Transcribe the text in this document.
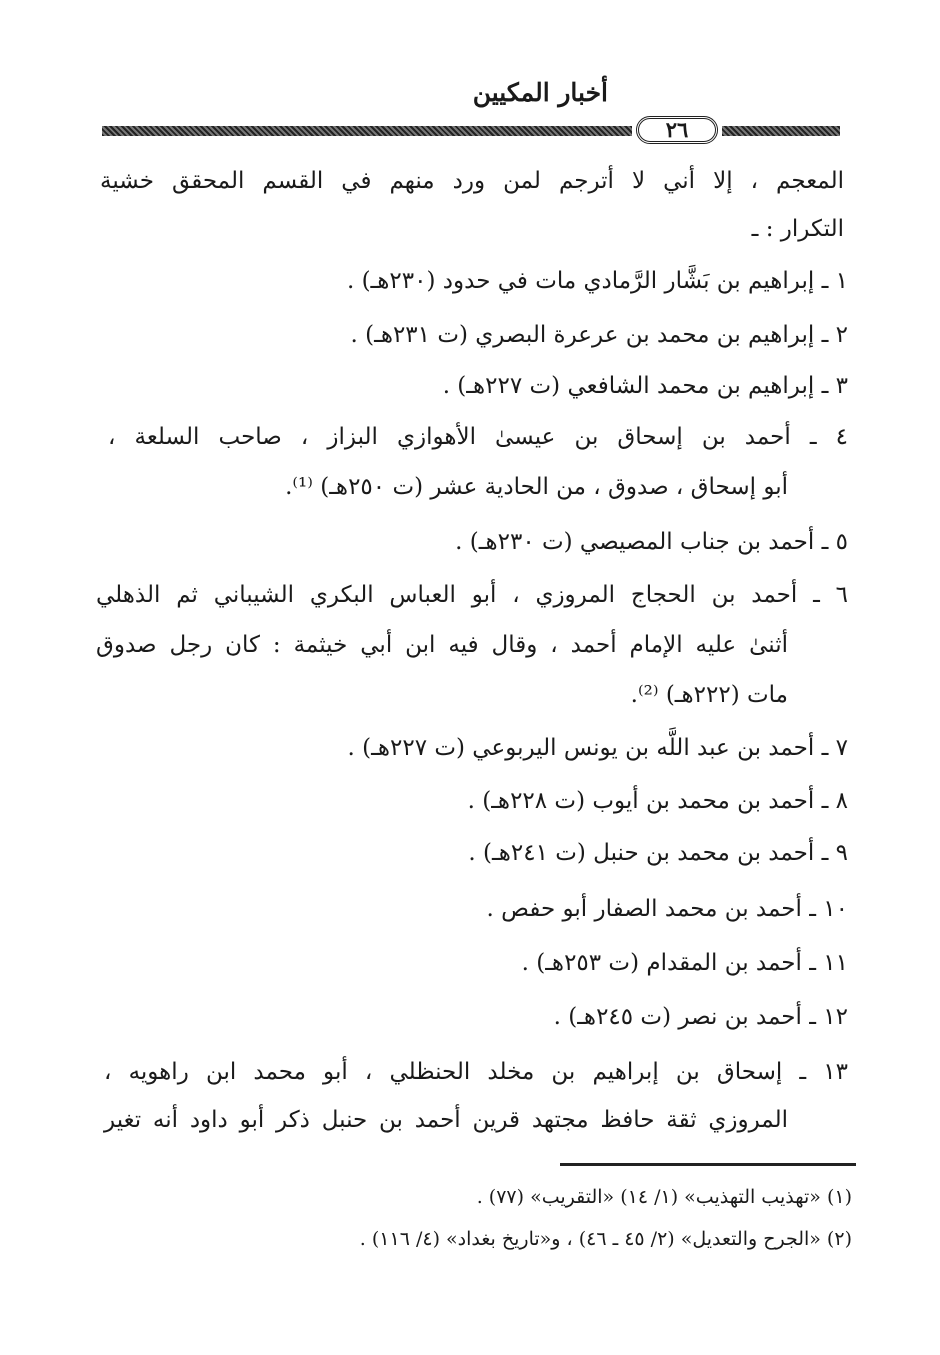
أخبار المكيين
٢٦
المعجم ، إلا أني لا أترجم لمن ورد منهم في القسم المحقق خشية
التكرار : ـ
١ ـ إبراهيم بن بَشَّار الرَّمادي مات في حدود (٢٣٠هـ) .
٢ ـ إبراهيم بن محمد بن عرعرة البصري (ت ٢٣١هـ) .
٣ ـ إبراهيم بن محمد الشافعي (ت ٢٢٧هـ) .
٤ ـ أحمد بن إسحاق بن عيسىٰ الأهوازي البزاز ، صاحب السلعة ،
أبو إسحاق ، صدوق ، من الحادية عشر (ت ٢٥٠هـ) ⁽¹⁾.
٥ ـ أحمد بن جناب المصيصي (ت ٢٣٠هـ) .
٦ ـ أحمد بن الحجاج المروزي ، أبو العباس البكري الشيباني ثم الذهلي
أثنىٰ عليه الإمام أحمد ، وقال فيه ابن أبي خيثمة : كان رجل صدوق
مات (٢٢٢هـ) ⁽²⁾.
٧ ـ أحمد بن عبد اللَّه بن يونس اليربوعي (ت ٢٢٧هـ) .
٨ ـ أحمد بن محمد بن أيوب (ت ٢٢٨هـ) .
٩ ـ أحمد بن محمد بن حنبل (ت ٢٤١هـ) .
١٠ ـ أحمد بن محمد الصفار أبو حفص .
١١ ـ أحمد بن المقدام (ت ٢٥٣هـ) .
١٢ ـ أحمد بن نصر (ت ٢٤٥هـ) .
١٣ ـ إسحاق بن إبراهيم بن مخلد الحنظلي ، أبو محمد ابن راهويه ،
المروزي ثقة حافظ مجتهد قرين أحمد بن حنبل ذكر أبو داود أنه تغير
(١) «تهذيب التهذيب» (١/ ١٤) «التقريب» (٧٧) .
(٢) «الجرح والتعديل» (٢/ ٤٥ ـ ٤٦) ، و«تاريخ بغداد» (٤/ ١١٦) .
